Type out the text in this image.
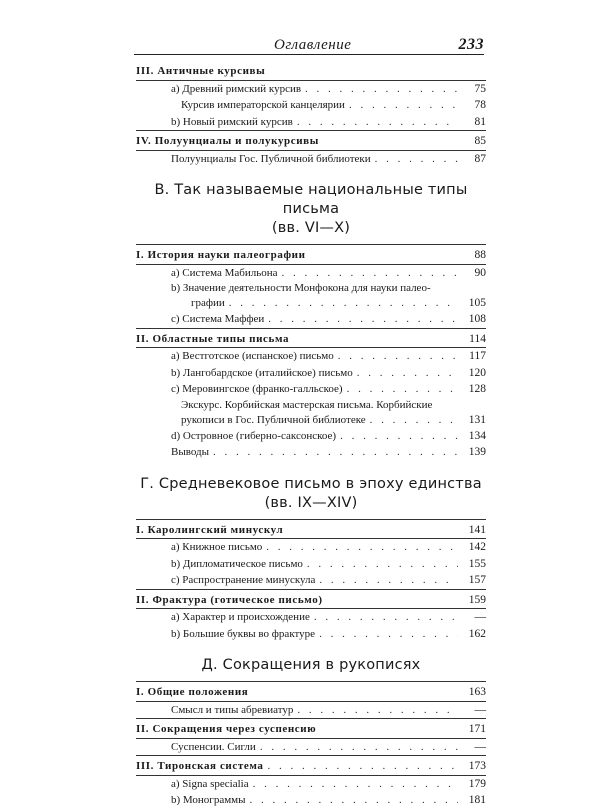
Оглавление	233
III. Античные курсивы
a) Древний римский курсив . . .	75
Курсив императорской канцелярии . . .	78
b) Новый римский курсив . . .	81
IV. Полуунциалы и полукурсивы	85
Полуунциалы Гос. Публичной библиотеки . . .	87
В. Так называемые национальные типы письма
(вв. VI—X)
I. История науки палеографии	88
a) Система Мабильона . . .	90
b) Значение деятельности Монфокона для науки палео-
графии . . .	105
c) Система Маффеи . . .	108
II. Областные типы письма	114
a) Вестготское (испанское) письмо . . .	117
b) Лангобардское (италийское) письмо . . .	120
c) Меровингское (франко-галльское) . . .	128
Экскурс. Корбийская мастерская письма. Корбийские
рукописи в Гос. Публичной библиотеке . . .	131
d) Островное (гиберно-саксонское) . . .	134
Выводы . . .	139
Г. Средневековое письмо в эпоху единства
(вв. IX—XIV)
I. Каролингский минускул	141
a) Книжное письмо . . .	142
b) Дипломатическое письмо . . .	155
c) Распространение минускула . . .	157
II. Фрактура (готическое письмо)	159
a) Характер и происхождение . . .	—
b) Большие буквы во фрактуре . . .	162
Д. Сокращения в рукописях
I. Общие положения	163
Смысл и типы абревиатур . . .	—
II. Сокращения через суспенсию	171
Суспенсии. Сигли . . .	—
III. Тиронская система . . .	173
a) Signa specialia . . .	179
b) Монограммы . . .	181
